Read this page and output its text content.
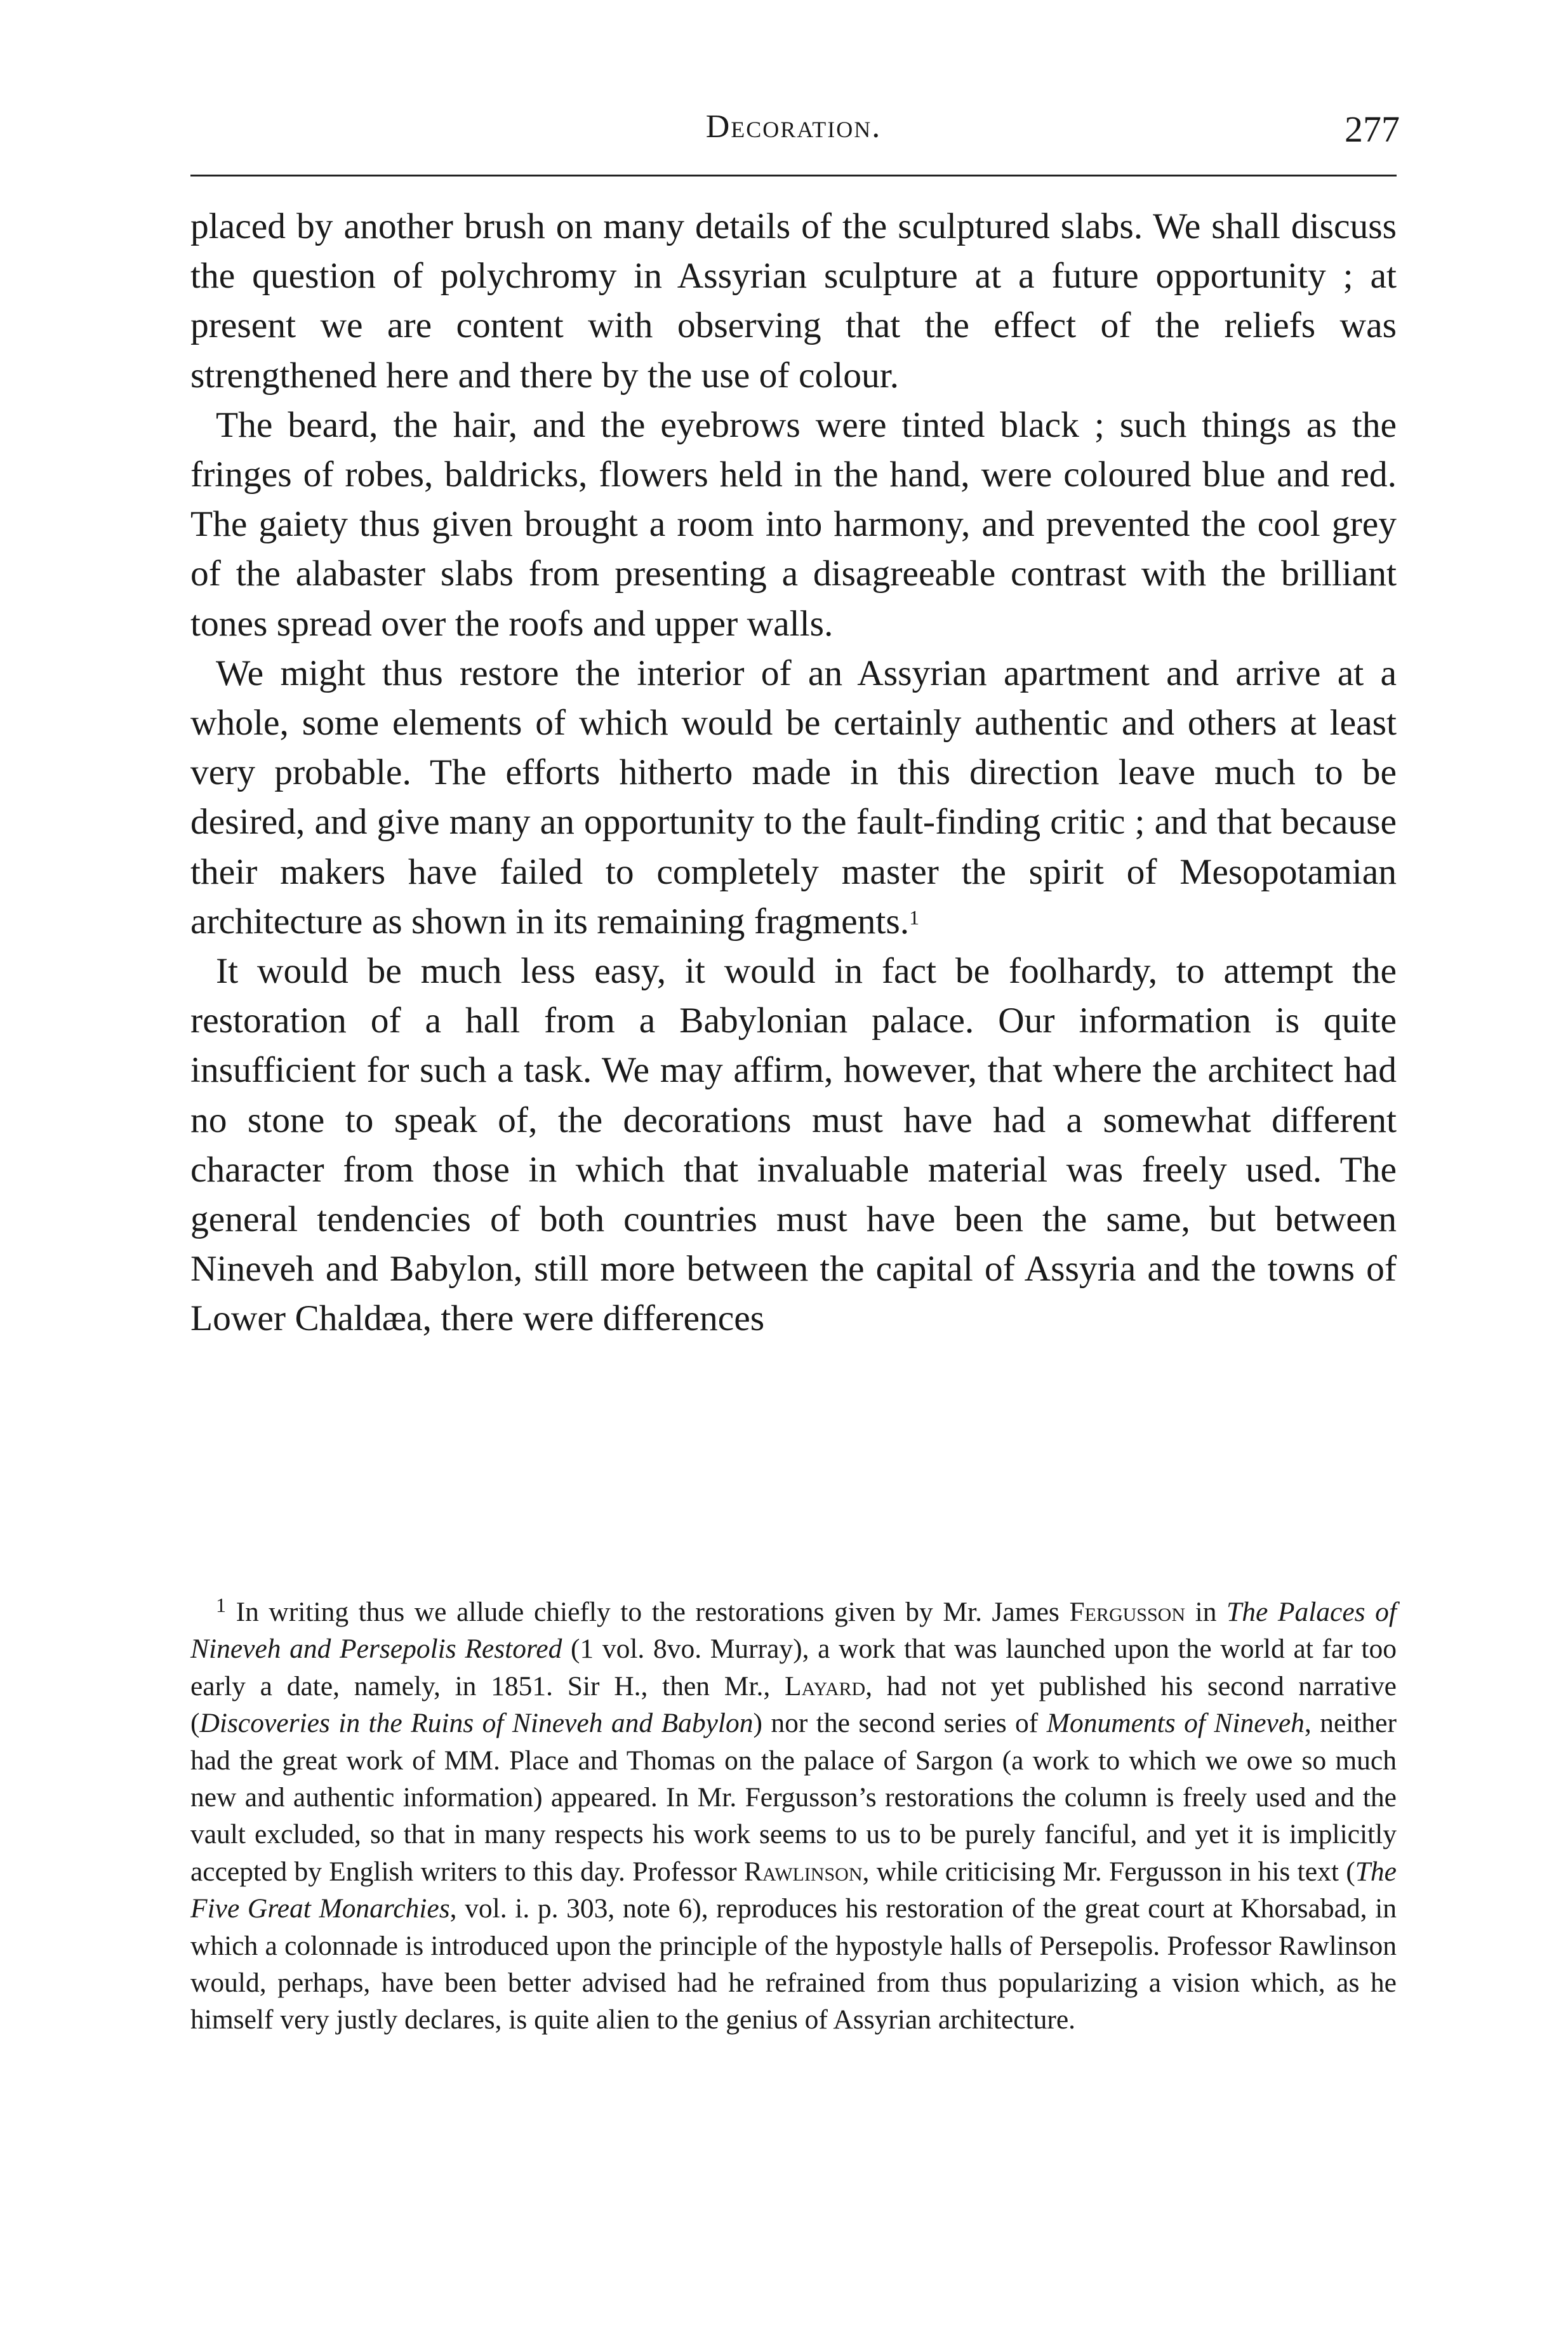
Decoration.	277

placed by another brush on many details of the sculptured slabs. We shall discuss the question of polychromy in Assyrian sculpture at a future opportunity ; at present we are content with observing that the effect of the reliefs was strengthened here and there by the use of colour.

The beard, the hair, and the eyebrows were tinted black ; such things as the fringes of robes, baldricks, flowers held in the hand, were coloured blue and red. The gaiety thus given brought a room into harmony, and prevented the cool grey of the alabaster slabs from presenting a disagreeable contrast with the brilliant tones spread over the roofs and upper walls.

We might thus restore the interior of an Assyrian apartment and arrive at a whole, some elements of which would be certainly authentic and others at least very probable. The efforts hitherto made in this direction leave much to be desired, and give many an opportunity to the fault-finding critic ; and that because their makers have failed to completely master the spirit of Mesopotamian architecture as shown in its remaining fragments.$^1$

It would be much less easy, it would in fact be foolhardy, to attempt the restoration of a hall from a Babylonian palace. Our information is quite insufficient for such a task. We may affirm, however, that where the architect had no stone to speak of, the decorations must have had a somewhat different character from those in which that invaluable material was freely used. The general tendencies of both countries must have been the same, but between Nineveh and Babylon, still more between the capital of Assyria and the towns of Lower Chaldæa, there were differences

$^1$ In writing thus we allude chiefly to the restorations given by Mr. James Fergusson in The Palaces of Nineveh and Persepolis Restored (1 vol. 8vo. Murray), a work that was launched upon the world at far too early a date, namely, in 1851. Sir H., then Mr., Layard, had not yet published his second narrative (Discoveries in the Ruins of Nineveh and Babylon) nor the second series of Monuments of Nineveh, neither had the great work of MM. Place and Thomas on the palace of Sargon (a work to which we owe so much new and authentic information) appeared. In Mr. Fergusson’s restorations the column is freely used and the vault excluded, so that in many respects his work seems to us to be purely fanciful, and yet it is implicitly accepted by English writers to this day. Professor Rawlinson, while criticising Mr. Fergusson in his text (The Five Great Monarchies, vol. i. p. 303, note 6), reproduces his restoration of the great court at Khorsabad, in which a colonnade is introduced upon the principle of the hypostyle halls of Persepolis. Professor Rawlinson would, perhaps, have been better advised had he refrained from thus popularizing a vision which, as he himself very justly declares, is quite alien to the genius of Assyrian architecture.
